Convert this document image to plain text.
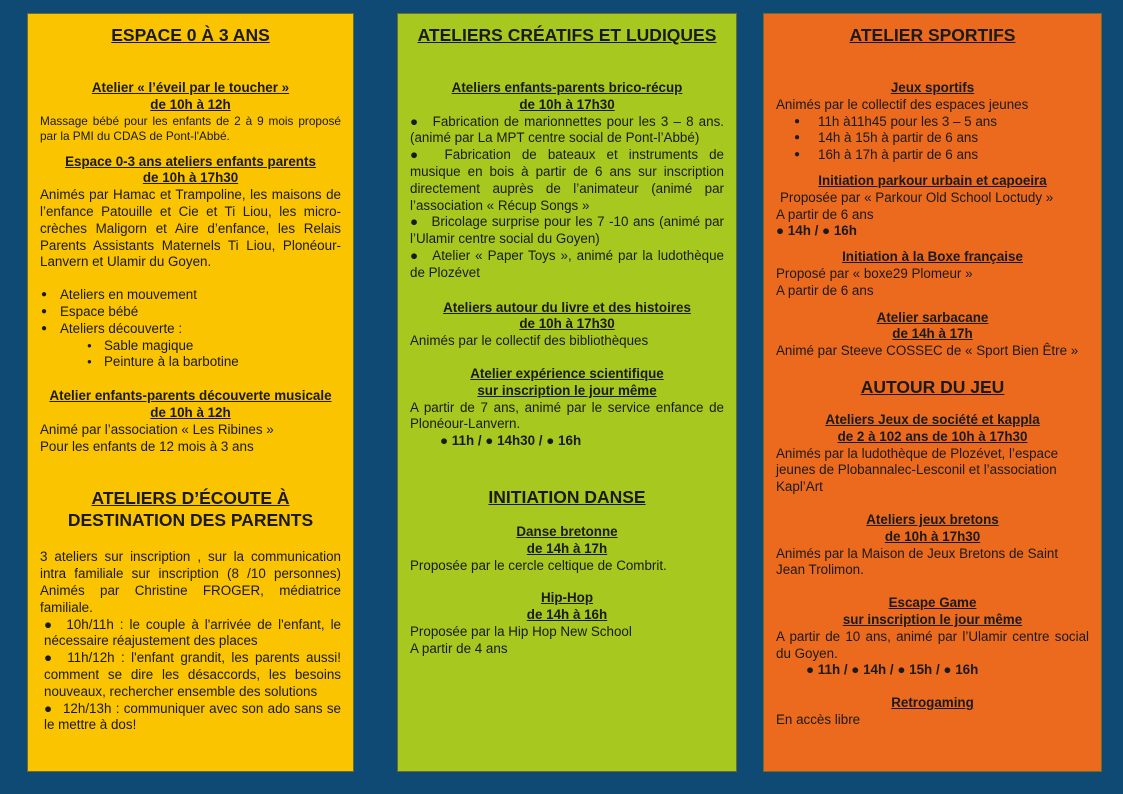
ESPACE 0 À 3 ANS

Atelier « l’éveil par le toucher »

de 10h à 12h

Massage bébé pour les enfants de 2 à 9 mois proposé par la PMI du CDAS de Pont-l'Abbé.

Espace 0-3 ans ateliers enfants parents

de 10h à 17h30

Animés par Hamac et Trampoline, les maisons de l’enfance Patouille et Cie et Ti Liou, les micro-crèches Maligorn et Aire d’enfance, les Relais Parents Assistants Maternels Ti Liou, Plonéour-Lanvern et Ulamir du Goyen.

● Ateliers en mouvement

● Espace bébé

● Ateliers découverte :

● Sable magique

● Peinture à la barbotine

Atelier enfants-parents découverte musicale

de 10h à 12h

Animé par l’association « Les Ribines »

Pour les enfants de 12 mois à 3 ans

ATELIERS D’ÉCOUTE À

DESTINATION DES PARENTS

3 ateliers sur inscription , sur la communication intra familiale sur inscription (8 /10 personnes) Animés par Christine FROGER, médiatrice familiale.

● 10h/11h : le couple à l'arrivée de l'enfant, le nécessaire réajustement des places

● 11h/12h : l'enfant grandit, les parents aussi! comment se dire les désaccords, les besoins nouveaux, rechercher ensemble des solutions

● 12h/13h : communiquer avec son ado sans se le mettre à dos!

ATELIERS CRÉATIFS ET LUDIQUES

Ateliers enfants-parents brico-récup

de 10h à 17h30

● Fabrication de marionnettes pour les 3 – 8 ans. (animé par La MPT centre social de Pont-l’Abbé)

● Fabrication de bateaux et instruments de musique en bois à partir de 6 ans sur inscription directement auprès de l’animateur (animé par l’association « Récup Songs »

● Bricolage surprise pour les 7 -10 ans (animé par l’Ulamir centre social du Goyen)

● Atelier « Paper Toys », animé par la ludothèque de Plozévet

Ateliers autour du livre et des histoires

de 10h à 17h30

Animés par le collectif des bibliothèques

Atelier expérience scientifique

sur inscription le jour même

A partir de 7 ans, animé par le service enfance de Plonéour-Lanvern.

● 11h / ● 14h30 / ● 16h

INITIATION DANSE

Danse bretonne

de 14h à 17h

Proposée par le cercle celtique de Combrit.

Hip-Hop

de 14h à 16h

Proposée par la Hip Hop New School

A partir de 4 ans

ATELIER SPORTIFS

Jeux sportifs

Animés par le collectif des espaces jeunes

● 11h à11h45 pour les 3 – 5 ans

● 14h à 15h à partir de 6 ans

● 16h à 17h à partir de 6 ans

Initiation parkour urbain et capoeira

Proposée par « Parkour Old School Loctudy »

A partir de 6 ans

● 14h / ● 16h

Initiation à la Boxe française

Proposé par « boxe29 Plomeur »

A partir de 6 ans

Atelier sarbacane

de 14h à 17h

Animé par Steeve COSSEC de « Sport Bien Être »

AUTOUR DU JEU

Ateliers Jeux de société et kappla

de 2 à 102 ans de 10h à 17h30

Animés par la ludothèque de Plozévet, l’espace jeunes de Plobannalec-Lesconil et l’association Kapl’Art

Ateliers jeux bretons

de 10h à 17h30

Animés par la Maison de Jeux Bretons de Saint Jean Trolimon.

Escape Game

sur inscription le jour même

A partir de 10 ans, animé par l’Ulamir centre social du Goyen.

● 11h / ● 14h / ● 15h / ● 16h

Retrogaming

En accès libre
